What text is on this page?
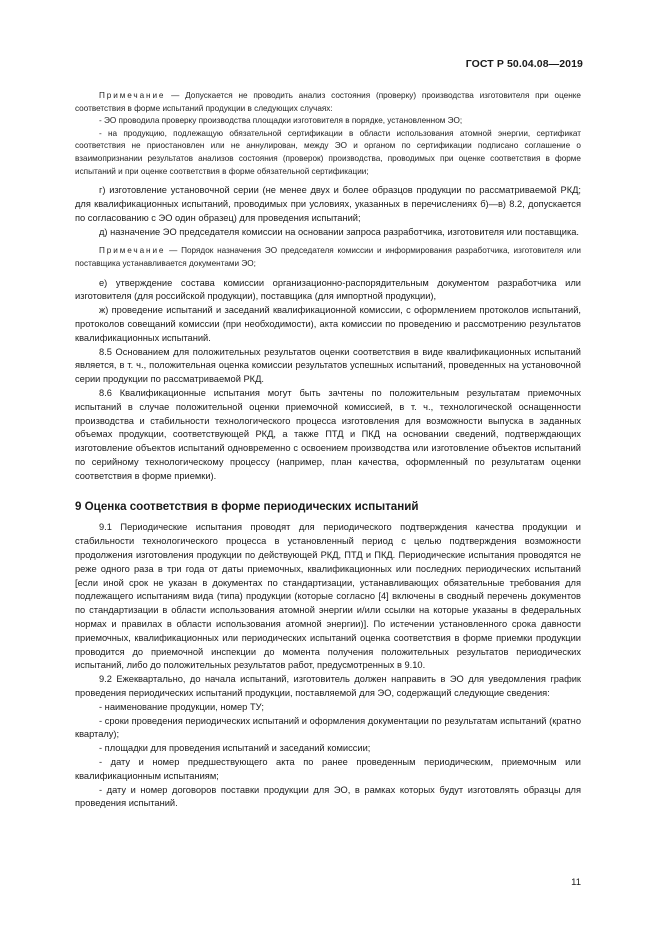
ГОСТ Р 50.04.08—2019

Примечание — Допускается не проводить анализ состояния (проверку) производства изготовителя при оценке соответствия в форме испытаний продукции в следующих случаях:

- ЭО проводила проверку производства площадки изготовителя в порядке, установленном ЭО;

- на продукцию, подлежащую обязательной сертификации в области использования атомной энергии, сертификат соответствия не приостановлен или не аннулирован, между ЭО и органом по сертификации подписано соглашение о взаимопризнании результатов анализов состояния (проверок) производства, проводимых при оценке соответствия в форме испытаний и при оценке соответствия в форме обязательной сертификации;

г) изготовление установочной серии (не менее двух и более образцов продукции по рассматриваемой РКД; для квалификационных испытаний, проводимых при условиях, указанных в перечислениях б)—в) 8.2, допускается по согласованию с ЭО один образец) для проведения испытаний;

д) назначение ЭО председателя комиссии на основании запроса разработчика, изготовителя или поставщика.

Примечание — Порядок назначения ЭО председателя комиссии и информирования разработчика, изготовителя или поставщика устанавливается документами ЭО;

е) утверждение состава комиссии организационно-распорядительным документом разработчика или изготовителя (для российской продукции), поставщика (для импортной продукции),

ж) проведение испытаний и заседаний квалификационной комиссии, с оформлением протоколов испытаний, протоколов совещаний комиссии (при необходимости), акта комиссии по проведению и рассмотрению результатов квалификационных испытаний.

8.5 Основанием для положительных результатов оценки соответствия в виде квалификационных испытаний является, в т. ч., положительная оценка комиссии результатов успешных испытаний, проведенных на установочной серии продукции по рассматриваемой РКД.

8.6 Квалификационные испытания могут быть зачтены по положительным результатам приемочных испытаний в случае положительной оценки приемочной комиссией, в т. ч., технологической оснащенности производства и стабильности технологического процесса изготовления для возможности выпуска в заданных объемах продукции, соответствующей РКД, а также ПТД и ПКД на основании сведений, подтверждающих изготовление объектов испытаний одновременно с освоением производства или изготовление объектов испытаний по серийному технологическому процессу (например, план качества, оформленный по результатам оценки соответствия в форме приемки).

9 Оценка соответствия в форме периодических испытаний

9.1 Периодические испытания проводят для периодического подтверждения качества продукции и стабильности технологического процесса в установленный период с целью подтверждения возможности продолжения изготовления продукции по действующей РКД, ПТД и ПКД. Периодические испытания проводятся не реже одного раза в три года от даты приемочных, квалификационных или последних периодических испытаний [если иной срок не указан в документах по стандартизации, устанавливающих обязательные требования для подлежащего испытаниям вида (типа) продукции (которые согласно [4] включены в сводный перечень документов по стандартизации в области использования атомной энергии и/или ссылки на которые указаны в федеральных нормах и правилах в области использования атомной энергии)]. По истечении установленного срока давности приемочных, квалификационных или периодических испытаний оценка соответствия в форме приемки продукции проводится до приемочной инспекции до момента получения положительных результатов периодических испытаний, либо до положительных результатов работ, предусмотренных в 9.10.

9.2 Ежеквартально, до начала испытаний, изготовитель должен направить в ЭО для уведомления график проведения периодических испытаний продукции, поставляемой для ЭО, содержащий следующие сведения:

- наименование продукции, номер ТУ;

- сроки проведения периодических испытаний и оформления документации по результатам испытаний (кратно кварталу);

- площадки для проведения испытаний и заседаний комиссии;

- дату и номер предшествующего акта по ранее проведенным периодическим, приемочным или квалификационным испытаниям;

- дату и номер договоров поставки продукции для ЭО, в рамках которых будут изготовлять образцы для проведения испытаний.

11
